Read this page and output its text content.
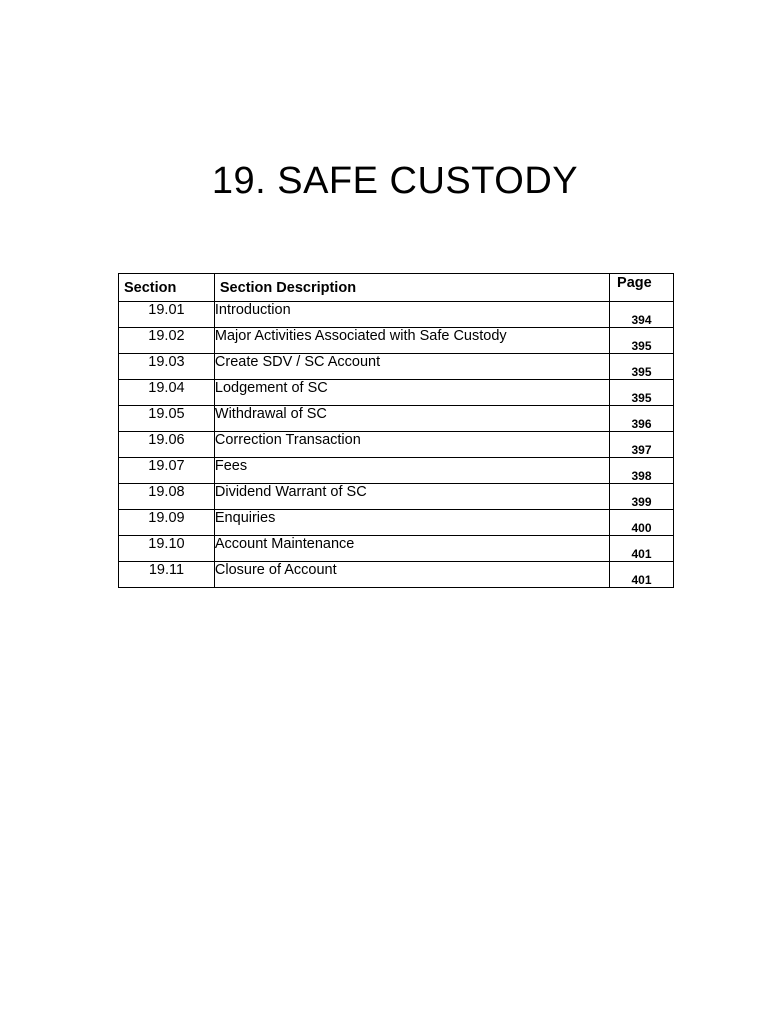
19. SAFE CUSTODY
Section	Section Description	Page
19.01	Introduction	394
19.02	Major Activities Associated with Safe Custody	395
19.03	Create SDV / SC Account	395
19.04	Lodgement of SC	395
19.05	Withdrawal of SC	396
19.06	Correction Transaction	397
19.07	Fees	398
19.08	Dividend Warrant of SC	399
19.09	Enquiries	400
19.10	Account Maintenance	401
19.11	Closure of Account	401
